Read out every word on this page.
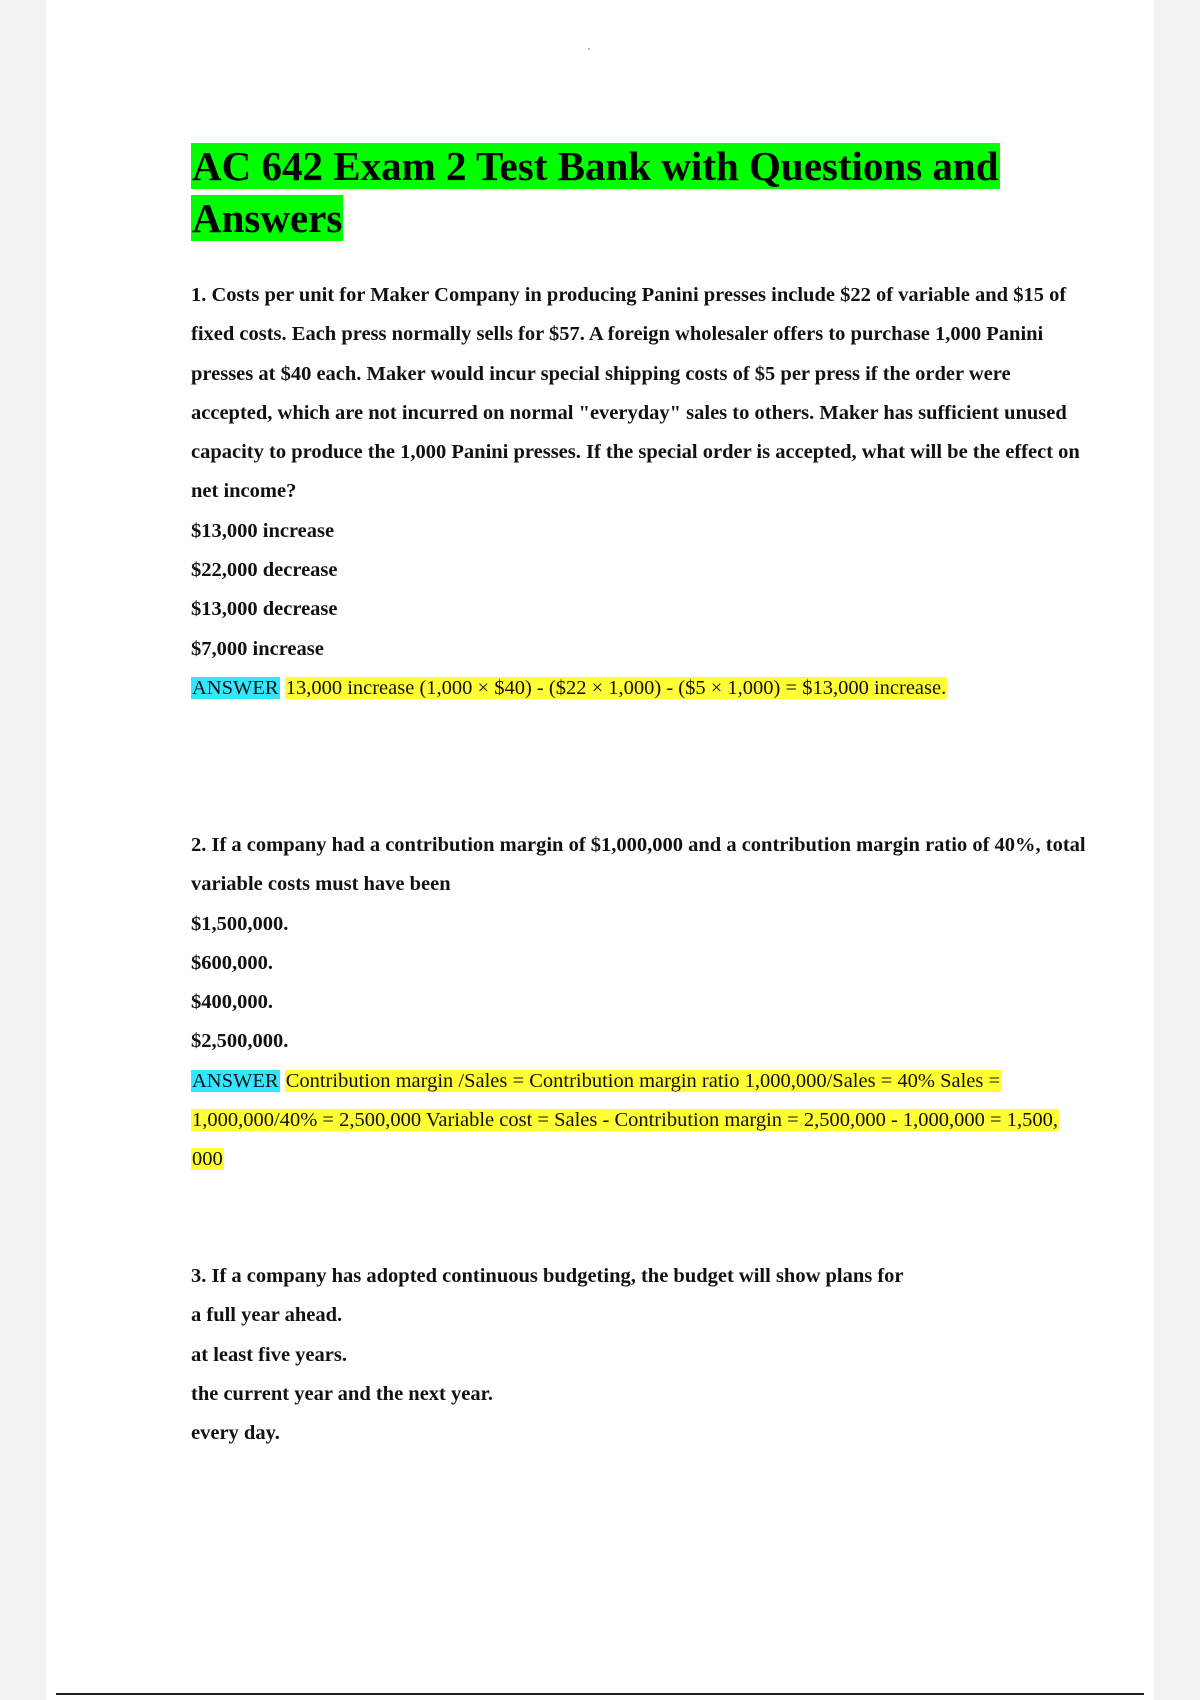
AC 642 Exam 2 Test Bank with Questions and Answers

1. Costs per unit for Maker Company in producing Panini presses include $22 of variable and $15 of fixed costs. Each press normally sells for $57. A foreign wholesaler offers to purchase 1,000 Panini presses at $40 each. Maker would incur special shipping costs of $5 per press if the order were accepted, which are not incurred on normal "everyday" sales to others. Maker has sufficient unused capacity to produce the 1,000 Panini presses. If the special order is accepted, what will be the effect on net income?

$13,000 increase

$22,000 decrease

$13,000 decrease

$7,000 increase

ANSWER 13,000 increase (1,000 × $40) - ($22 × 1,000) - ($5 × 1,000) = $13,000 increase.

2. If a company had a contribution margin of $1,000,000 and a contribution margin ratio of 40%, total variable costs must have been

$1,500,000.

$600,000.

$400,000.

$2,500,000.

ANSWER Contribution margin /Sales = Contribution margin ratio 1,000,000/Sales = 40% Sales = 1,000,000/40% = 2,500,000 Variable cost = Sales - Contribution margin = 2,500,000 - 1,000,000 = 1,500, 000

3. If a company has adopted continuous budgeting, the budget will show plans for

a full year ahead.

at least five years.

the current year and the next year.

every day.
